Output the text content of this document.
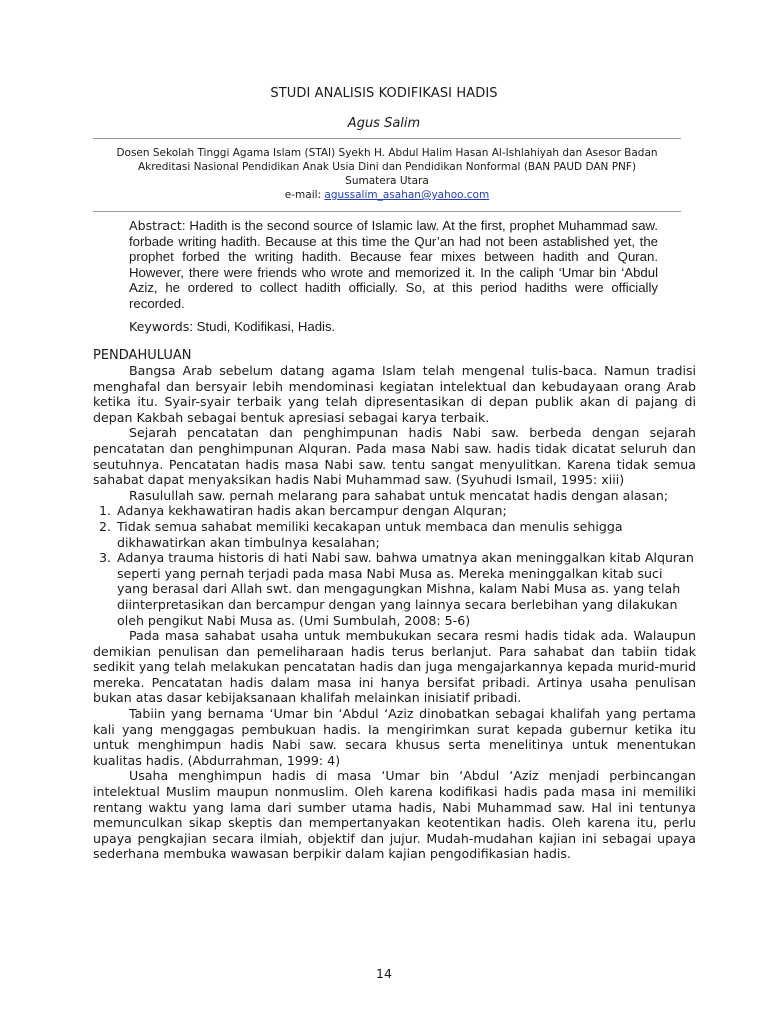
STUDI ANALISIS KODIFIKASI HADIS
Agus Salim
Dosen Sekolah Tinggi Agama Islam (STAI) Syekh H. Abdul Halim Hasan Al-Ishlahiyah dan Asesor Badan
Akreditasi Nasional Pendidikan Anak Usia Dini dan Pendidikan Nonformal (BAN PAUD DAN PNF)
Sumatera Utara
e-mail: agussalim_asahan@yahoo.com
Abstract: Hadith is the second source of Islamic law. At the first, prophet Muhammad saw. forbade writing hadith. Because at this time the Qur’an had not been astablished yet, the prophet forbed the writing hadith. Because fear mixes between hadith and Quran. However, there were friends who wrote and memorized it. In the caliph ‘Umar bin ‘Abdul Aziz, he ordered to collect hadith officially. So, at this period hadiths were officially recorded.
Keywords: Studi, Kodifikasi, Hadis.
PENDAHULUAN

Bangsa Arab sebelum datang agama Islam telah mengenal tulis-baca. Namun tradisi menghafal dan bersyair lebih mendominasi kegiatan intelektual dan kebudayaan orang Arab ketika itu. Syair-syair terbaik yang telah dipresentasikan di depan publik akan di pajang di depan Kakbah sebagai bentuk apresiasi sebagai karya terbaik.

Sejarah pencatatan dan penghimpunan hadis Nabi saw. berbeda dengan sejarah pencatatan dan penghimpunan Alquran. Pada masa Nabi saw. hadis tidak dicatat seluruh dan seutuhnya. Pencatatan hadis masa Nabi saw. tentu sangat menyulitkan. Karena tidak semua sahabat dapat menyaksikan hadis Nabi Muhammad saw. (Syuhudi Ismail, 1995: xiii)

Rasulullah saw. pernah melarang para sahabat untuk mencatat hadis dengan alasan;

1. Adanya kekhawatiran hadis akan bercampur dengan Alquran;
2. Tidak semua sahabat memiliki kecakapan untuk membaca dan menulis sehigga dikhawatirkan akan timbulnya kesalahan;
3. Adanya trauma historis di hati Nabi saw. bahwa umatnya akan meninggalkan kitab Alquran seperti yang pernah terjadi pada masa Nabi Musa as. Mereka meninggalkan kitab suci yang berasal dari Allah swt. dan mengagungkan Mishna, kalam Nabi Musa as. yang telah diinterpretasikan dan bercampur dengan yang lainnya secara berlebihan yang dilakukan oleh pengikut Nabi Musa as. (Umi Sumbulah, 2008: 5-6)

Pada masa sahabat usaha untuk membukukan secara resmi hadis tidak ada. Walaupun demikian penulisan dan pemeliharaan hadis terus berlanjut. Para sahabat dan tabiin tidak sedikit yang telah melakukan pencatatan hadis dan juga mengajarkannya kepada murid-murid mereka. Pencatatan hadis dalam masa ini hanya bersifat pribadi. Artinya usaha penulisan bukan atas dasar kebijaksanaan khalifah melainkan inisiatif pribadi.

Tabiin yang bernama ‘Umar bin ‘Abdul ‘Aziz dinobatkan sebagai khalifah yang pertama kali yang menggagas pembukuan hadis. Ia mengirimkan surat kepada gubernur ketika itu untuk menghimpun hadis Nabi saw. secara khusus serta menelitinya untuk menentukan kualitas hadis. (Abdurrahman, 1999: 4)

Usaha menghimpun hadis di masa ‘Umar bin ‘Abdul ‘Aziz menjadi perbincangan intelektual Muslim maupun nonmuslim. Oleh karena kodifikasi hadis pada masa ini memiliki rentang waktu yang lama dari sumber utama hadis, Nabi Muhammad saw. Hal ini tentunya memunculkan sikap skeptis dan mempertanyakan keotentikan hadis. Oleh karena itu, perlu upaya pengkajian secara ilmiah, objektif dan jujur. Mudah-mudahan kajian ini sebagai upaya sederhana membuka wawasan berpikir dalam kajian pengodifikasian hadis.

14
